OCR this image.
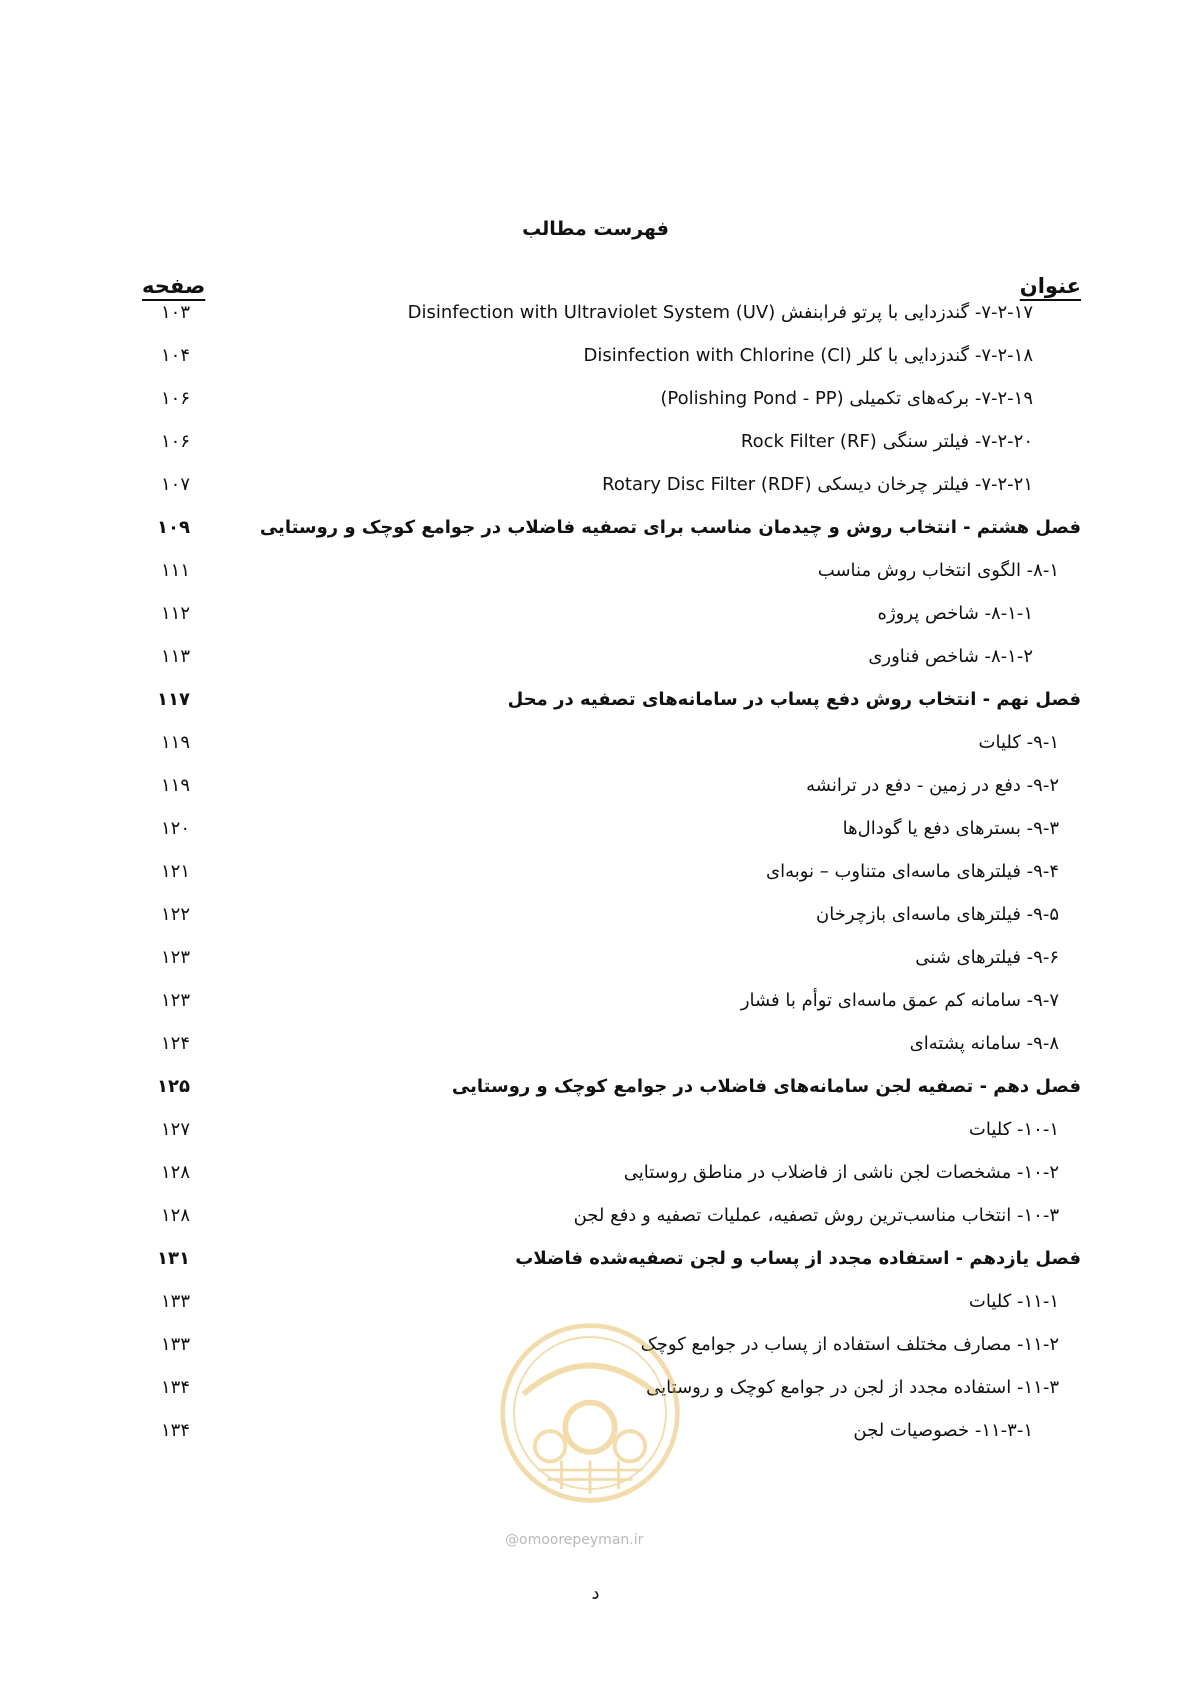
فهرست مطالب
عنوان
صفحه
۷-۲-۱۷- گندزدایی با پرتو فرابنفش Disinfection with Ultraviolet System (UV)
۱۰۳
۷-۲-۱۸- گندزدایی با کلر Disinfection with Chlorine (Cl)
۱۰۴
۷-۲-۱۹- برکه‌های تکمیلی (Polishing Pond - PP)
۱۰۶
۷-۲-۲۰- فیلتر سنگی Rock Filter (RF)
۱۰۶
۷-۲-۲۱- فیلتر چرخان دیسکی Rotary Disc Filter (RDF)
۱۰۷
فصل هشتم - انتخاب روش و چیدمان مناسب برای تصفیه فاضلاب در جوامع کوچک و روستایی
۱۰۹
۸-۱- الگوی انتخاب روش مناسب
۱۱۱
۸-۱-۱- شاخص پروژه
۱۱۲
۸-۱-۲- شاخص فناوری
۱۱۳
فصل نهم - انتخاب روش دفع پساب در سامانه‌های تصفیه در محل
۱۱۷
۹-۱- کلیات
۱۱۹
۹-۲- دفع در زمین - دفع در ترانشه
۱۱۹
۹-۳- بسترهای دفع یا گودال‌ها
۱۲۰
۹-۴- فیلترهای ماسه‌ای متناوب – نوبه‌ای
۱۲۱
۹-۵- فیلترهای ماسه‌ای بازچرخان
۱۲۲
۹-۶- فیلترهای شنی
۱۲۳
۹-۷- سامانه کم عمق ماسه‌ای توأم با فشار
۱۲۳
۹-۸- سامانه پشته‌ای
۱۲۴
فصل دهم - تصفیه لجن سامانه‌های فاضلاب در جوامع کوچک و روستایی
۱۲۵
۱۰-۱- کلیات
۱۲۷
۱۰-۲- مشخصات لجن ناشی از فاضلاب در مناطق روستایی
۱۲۸
۱۰-۳- انتخاب مناسب‌ترین روش تصفیه، عملیات تصفیه و دفع لجن
۱۲۸
فصل یازدهم - استفاده مجدد از پساب و لجن تصفیه‌شده فاضلاب
۱۳۱
۱۱-۱- کلیات
۱۳۳
۱۱-۲- مصارف مختلف استفاده از پساب در جوامع کوچک
۱۳۳
۱۱-۳- استفاده مجدد از لجن در جوامع کوچک و روستایی
۱۳۴
۱۱-۳-۱- خصوصیات لجن
۱۳۴
@omoorepeyman.ir
د
